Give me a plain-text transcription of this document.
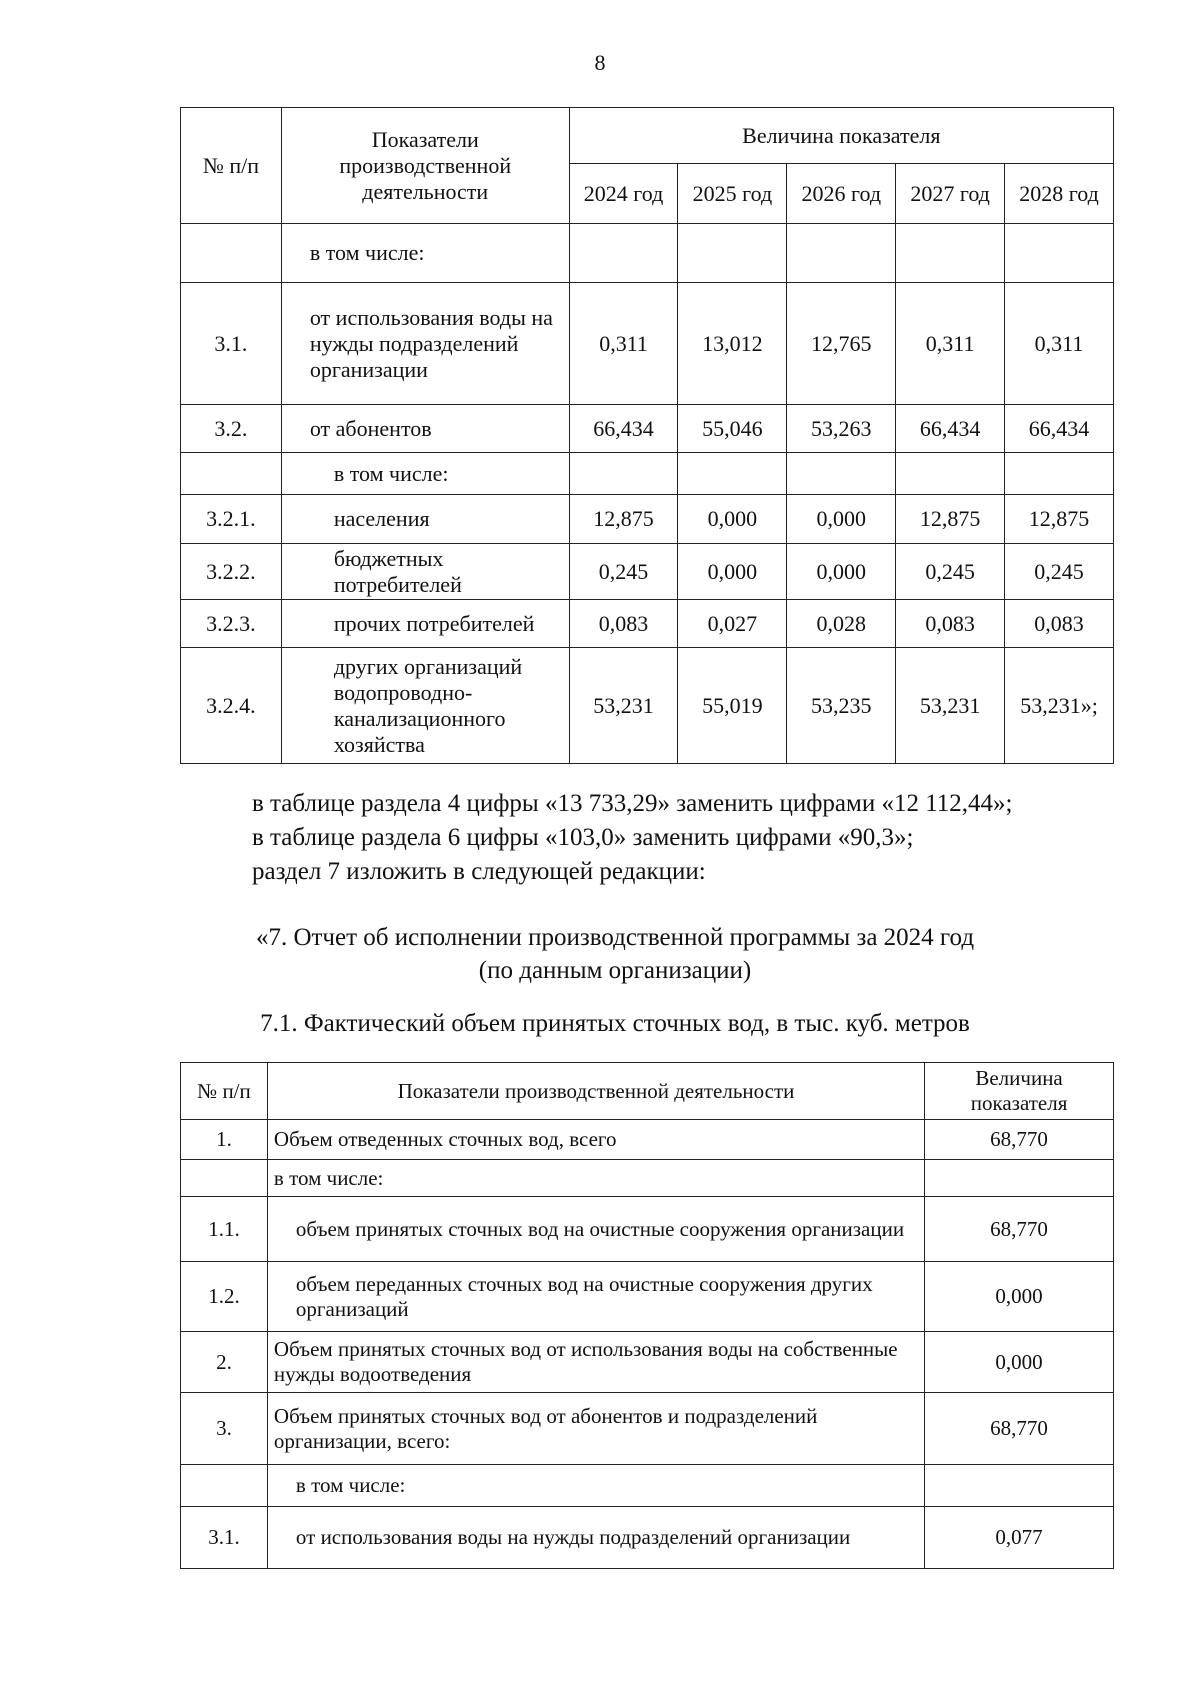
8
№ п/п	Показатели производственной деятельности	Величина показателя				
		2024 год	2025 год	2026 год	2027 год	2028 год
	в том числе:					
3.1.	от использования воды на нужды подразделений организации	0,311	13,012	12,765	0,311	0,311
3.2.	от абонентов	66,434	55,046	53,263	66,434	66,434
	в том числе:					
3.2.1.	населения	12,875	0,000	0,000	12,875	12,875
3.2.2.	бюджетных потребителей	0,245	0,000	0,000	0,245	0,245
3.2.3.	прочих потребителей	0,083	0,027	0,028	0,083	0,083
3.2.4.	других организаций водопроводно-канализационного хозяйства	53,231	55,019	53,235	53,231	53,231»;
в таблице раздела 4 цифры «13 733,29» заменить цифрами «12 112,44»;
в таблице раздела 6 цифры «103,0» заменить цифрами «90,3»;
раздел 7 изложить в следующей редакции:
«7. Отчет об исполнении производственной программы за 2024 год
(по данным организации)
7.1. Фактический объем принятых сточных вод, в тыс. куб. метров
№ п/п	Показатели производственной деятельности	Величина показателя
1.	Объем отведенных сточных вод, всего	68,770
	в том числе:	
1.1.	объем принятых сточных вод на очистные сооружения организации	68,770
1.2.	объем переданных сточных вод на очистные сооружения других организаций	0,000
2.	Объем принятых сточных вод от использования воды на собственные нужды водоотведения	0,000
3.	Объем принятых сточных вод от абонентов и подразделений организации, всего:	68,770
	в том числе:	
3.1.	от использования воды на нужды подразделений организации	0,077
